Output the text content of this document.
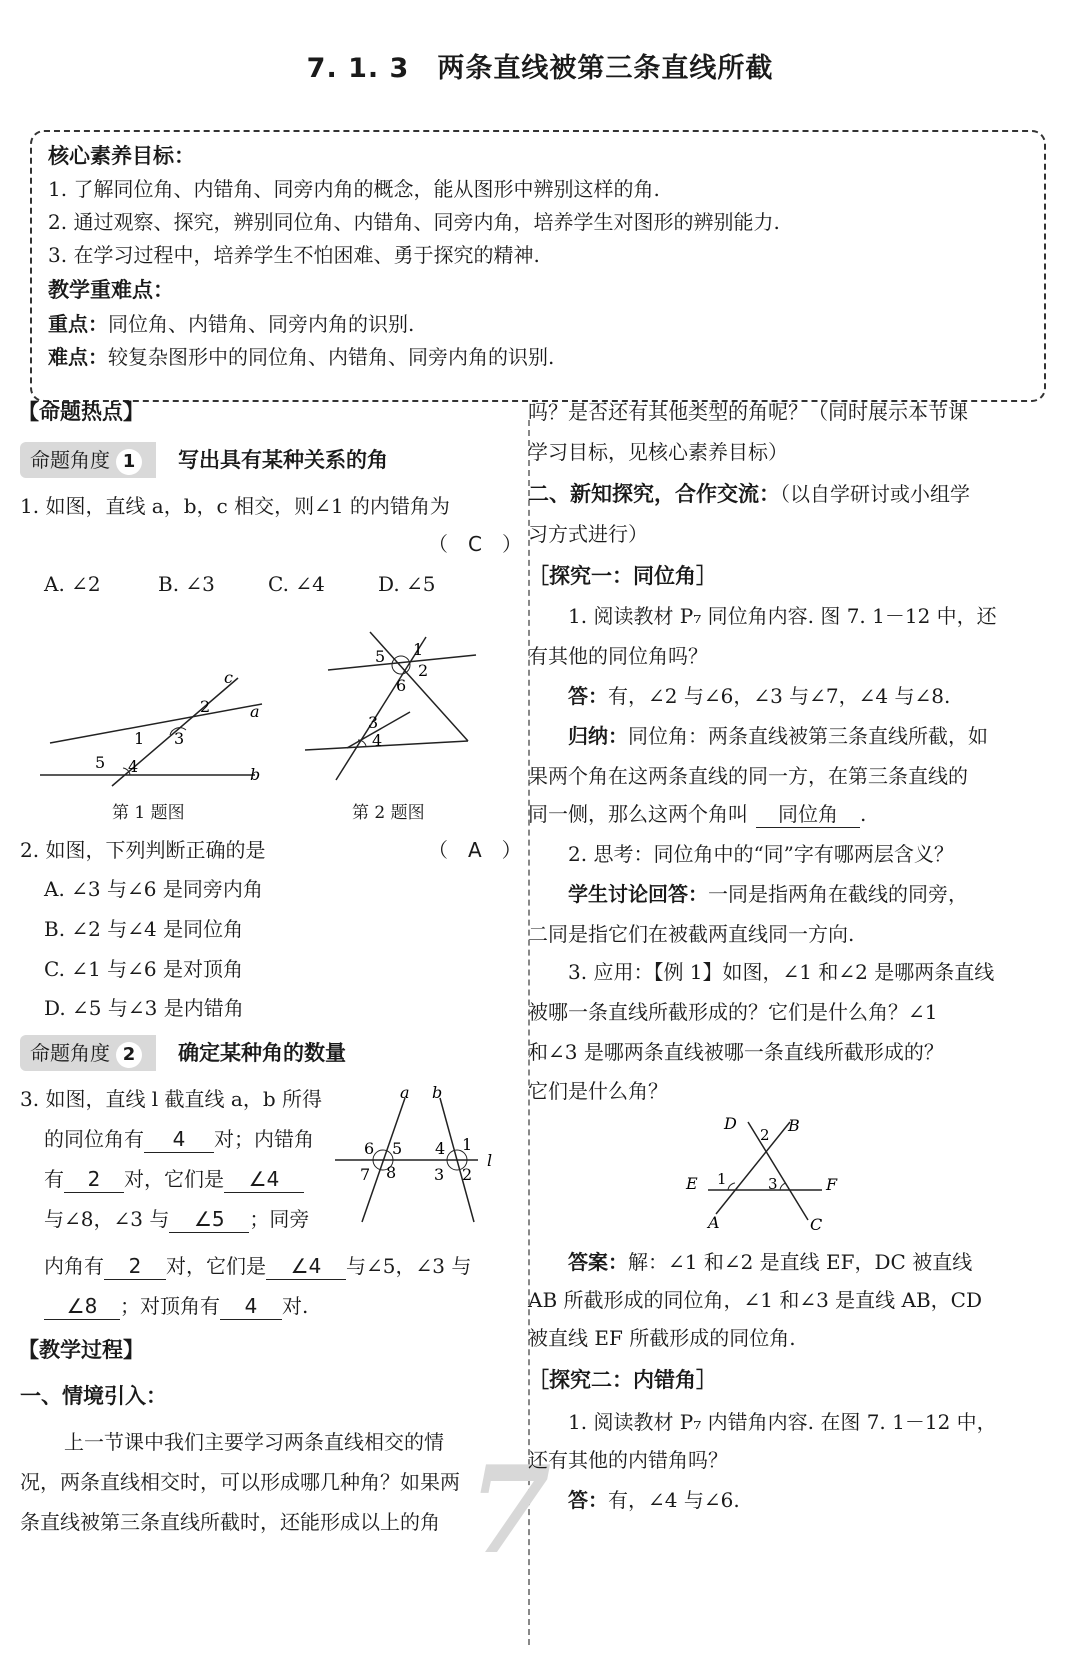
7. 1. 3　两条直线被第三条直线所截
核心素养目标：
1. 了解同位角、内错角、同旁内角的概念，能从图形中辨别这样的角.
2. 通过观察、探究，辨别同位角、内错角、同旁内角，培养学生对图形的辨别能力.
3. 在学习过程中，培养学生不怕困难、勇于探究的精神.
教学重难点：
重点：同位角、内错角、同旁内角的识别.
难点：较复杂图形中的同位角、内错角、同旁内角的识别.
7
【命题热点】
命题角度 1 写出具有某种关系的角
1. 如图，直线 a，b，c 相交，则∠1 的内错角为
（　C　）
A. ∠2	B. ∠3	C. ∠4	D. ∠5
c
2 a
1 3
5 4	b
第 1 题图
5 1
2
6
3
4
第 2 题图
2. 如图，下列判断正确的是	（　A　）
A. ∠3 与∠6 是同旁内角
B. ∠2 与∠4 是同位角
C. ∠1 与∠6 是对顶角
D. ∠5 与∠3 是内错角
命题角度 2 确定某种角的数量
3. 如图，直线 l 截直线 a，b 所得
的同位角有 4 对；内错角
有 2 对，它们是 ∠4
与∠8，∠3 与 ∠5 ；同旁
内角有 2 对，它们是 ∠4 与∠5，∠3 与
∠8 ；对顶角有 4 对.
a b
6 5 4 1
l
7 8 3 2
【教学过程】
一、情境引入：
上一节课中我们主要学习两条直线相交的情
况，两条直线相交时，可以形成哪几种角？如果两
条直线被第三条直线所截时，还能形成以上的角
吗？是否还有其他类型的角呢？（同时展示本节课
学习目标，见核心素养目标）
二、新知探究，合作交流：（以自学研讨或小组学
习方式进行）
［探究一：同位角］
1. 阅读教材 P₇ 同位角内容. 图 7. 1－12 中，还
有其他的同位角吗？
答：有，∠2 与∠6，∠3 与∠7，∠4 与∠8.
归纳：同位角：两条直线被第三条直线所截，如
果两个角在这两条直线的同一方，在第三条直线的
同一侧，那么这两个角叫 同位角 .
2. 思考：同位角中的“同”字有哪两层含义？
学生讨论回答：一同是指两角在截线的同旁，
二同是指它们在被截两直线同一方向.
3. 应用：【例 1】如图，∠1 和∠2 是哪两条直线
被哪一条直线所截形成的？它们是什么角？∠1
和∠3 是哪两条直线被哪一条直线所截形成的？
它们是什么角？
D
2 B
E 1	3	F
A	C
答案：解：∠1 和∠2 是直线 EF，DC 被直线
AB 所截形成的同位角，∠1 和∠3 是直线 AB，CD
被直线 EF 所截形成的同位角.
［探究二：内错角］
1. 阅读教材 P₇ 内错角内容. 在图 7. 1－12 中，
还有其他的内错角吗？
答：有，∠4 与∠6.
